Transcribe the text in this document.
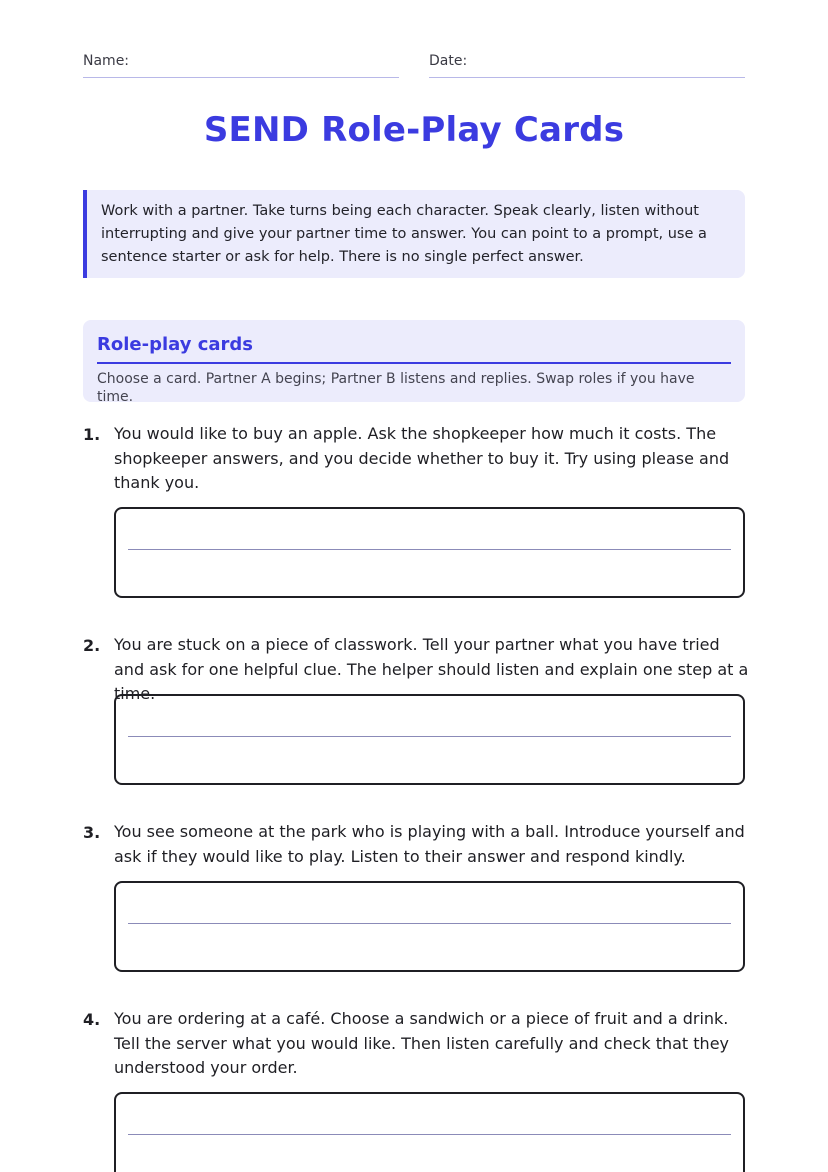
Name:	Date:
SEND Role-Play Cards
Work with a partner. Take turns being each character. Speak clearly, listen without interrupting and give your partner time to answer. You can point to a prompt, use a sentence starter or ask for help. There is no single perfect answer.
Role-play cards
Choose a card. Partner A begins; Partner B listens and replies. Swap roles if you have time.
1. You would like to buy an apple. Ask the shopkeeper how much it costs. The shopkeeper answers, and you decide whether to buy it. Try using please and thank you.
2. You are stuck on a piece of classwork. Tell your partner what you have tried and ask for one helpful clue. The helper should listen and explain one step at a time.
3. You see someone at the park who is playing with a ball. Introduce yourself and ask if they would like to play. Listen to their answer and respond kindly.
4. You are ordering at a café. Choose a sandwich or a piece of fruit and a drink. Tell the server what you would like. Then listen carefully and check that they understood your order.
